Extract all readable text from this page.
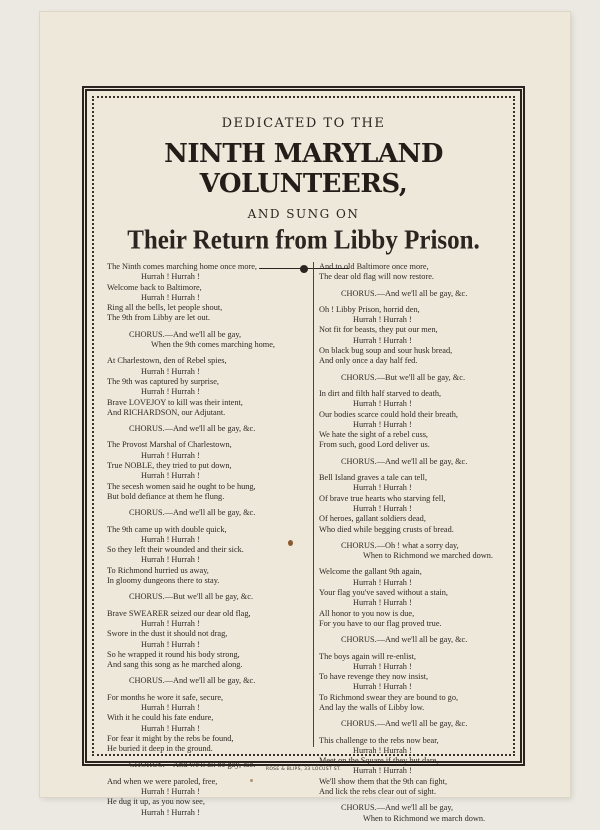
DEDICATED TO THE
NINTH MARYLAND VOLUNTEERS,
AND SUNG ON
Their Return from Libby Prison.
The Ninth comes marching home once more,
Hurrah ! Hurrah !
Welcome back to Baltimore,
Hurrah ! Hurrah !
Ring all the bells, let people shout,
The 9th from Libby are let out.
CHORUS.—And we'll all be gay,
When the 9th comes marching home,
At Charlestown, den of Rebel spies,
Hurrah ! Hurrah !
The 9th was captured by surprise,
Hurrah ! Hurrah !
Brave LOVEJOY to kill was their intent,
And RICHARDSON, our Adjutant.
CHORUS.—And we'll all be gay, &c.
The Provost Marshal of Charlestown,
Hurrah ! Hurrah !
True NOBLE, they tried to put down,
Hurrah ! Hurrah !
The secesh women said he ought to be hung,
But bold defiance at them he flung.
CHORUS.—And we'll all be gay, &c.
The 9th came up with double quick,
Hurrah ! Hurrah !
So they left their wounded and their sick.
Hurrah ! Hurrah !
To Richmond hurried us away,
In gloomy dungeons there to stay.
CHORUS.—But we'll all be gay, &c.
Brave SWEARER seized our dear old flag,
Hurrah ! Hurrah !
Swore in the dust it should not drag,
Hurrah ! Hurrah !
So he wrapped it round his body strong,
And sang this song as he marched along.
CHORUS.—And we'll all be gay, &c.
For months he wore it safe, secure,
Hurrah ! Hurrah !
With it he could his fate endure,
Hurrah ! Hurrah !
For fear it might by the rebs be found,
He buried it deep in the ground.
CHORUS.—And we'll all be gay, &c.
And when we were paroled, free,
Hurrah ! Hurrah !
He dug it up, as you now see,
Hurrah ! Hurrah !
And to old Baltimore once more,
The dear old flag will now restore.
CHORUS.—And we'll all be gay, &c.
Oh ! Libby Prison, horrid den,
Hurrah ! Hurrah !
Not fit for beasts, they put our men,
Hurrah ! Hurrah !
On black bug soup and sour husk bread,
And only once a day half fed.
CHORUS.—But we'll all be gay, &c.
In dirt and filth half starved to death,
Hurrah ! Hurrah !
Our bodies scarce could hold their breath,
Hurrah ! Hurrah !
We hate the sight of a rebel cuss,
From such, good Lord deliver us.
CHORUS.—And we'll all be gay, &c.
Bell Island graves a tale can tell,
Hurrah ! Hurrah !
Of brave true hearts who starving fell,
Hurrah ! Hurrah !
Of heroes, gallant soldiers dead,
Who died while begging crusts of bread.
CHORUS.—Oh ! what a sorry day,
When to Richmond we marched down.
Welcome the gallant 9th again,
Hurrah ! Hurrah !
Your flag you've saved without a stain,
Hurrah ! Hurrah !
All honor to you now is due,
For you have to our flag proved true.
CHORUS.—And we'll all be gay, &c.
The boys again will re-enlist,
Hurrah ! Hurrah !
To have revenge they now insist,
Hurrah ! Hurrah !
To Richmond swear they are bound to go,
And lay the walls of Libby low.
CHORUS.—And we'll all be gay, &c.
This challenge to the rebs now bear,
Hurrah ! Hurrah !
Meet on the Square if they but dare,
Hurrah ! Hurrah !
We'll show them that the 9th can fight,
And lick the rebs clear out of sight.
CHORUS.—And we'll all be gay,
When to Richmond we march down.
ROSE & BLIPS, 33 LOCUST ST.
